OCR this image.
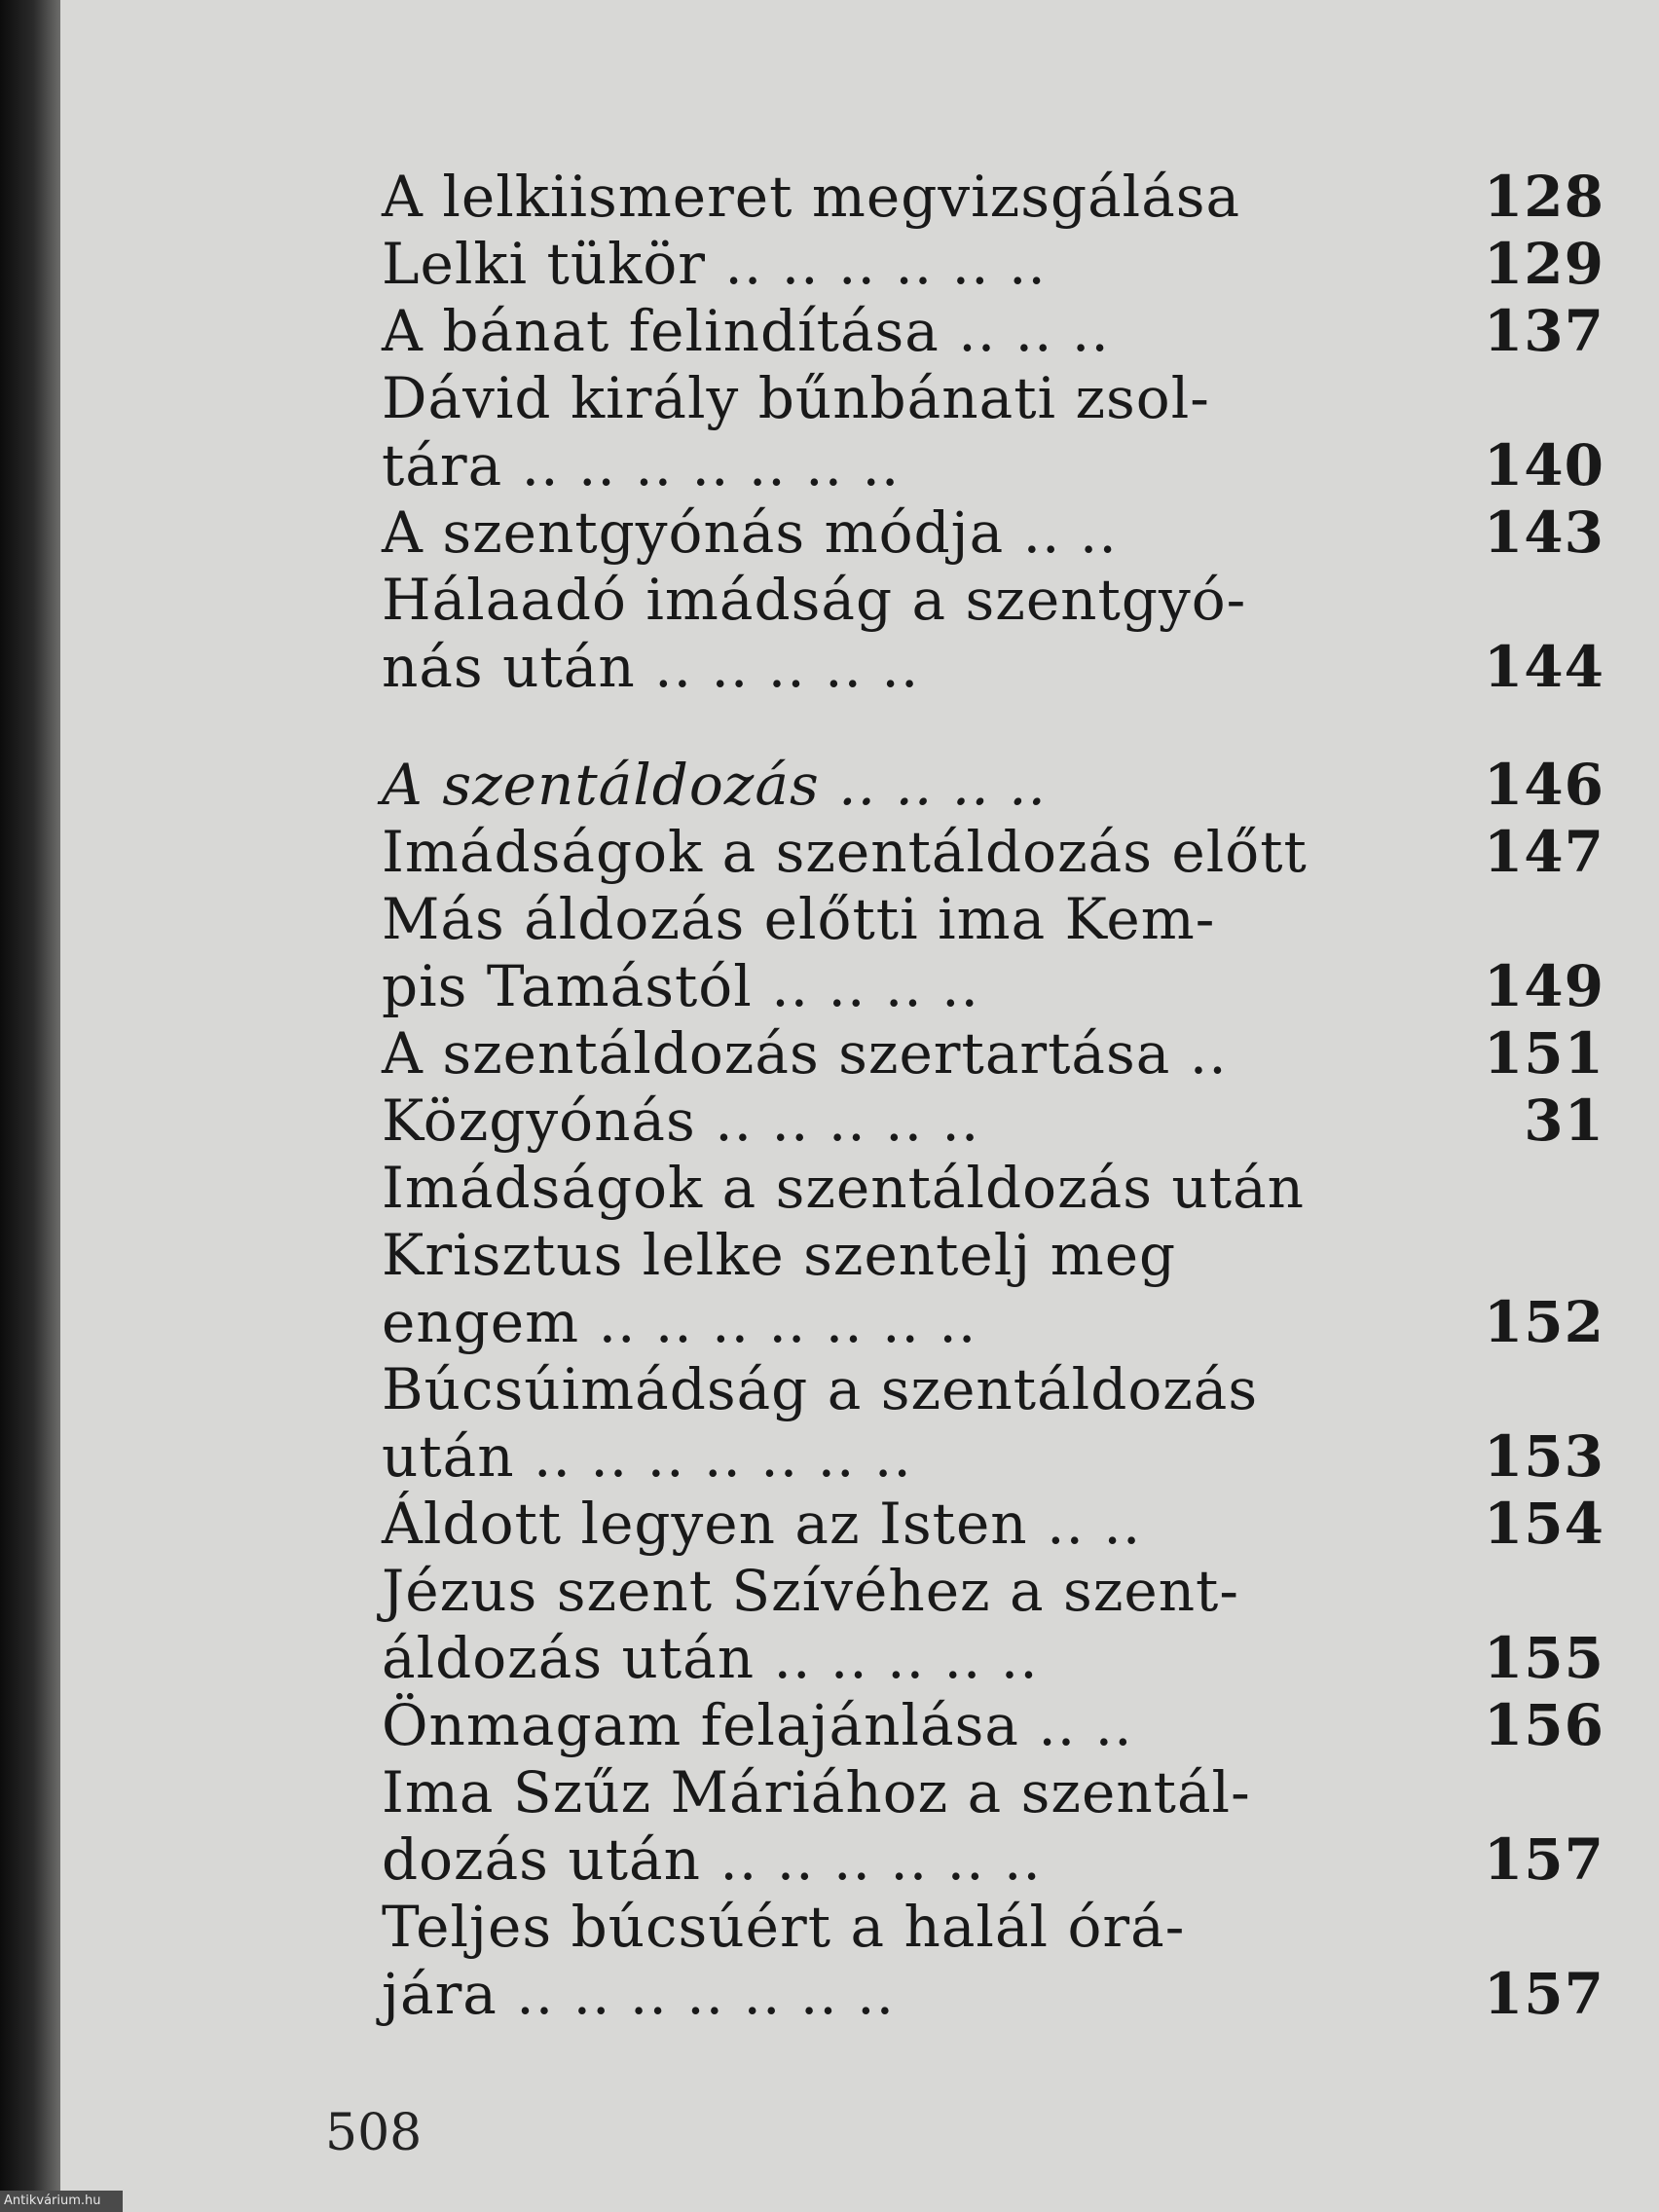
A lelkiismeret megvizsgálása	128
Lelki tükör .. .. .. .. .. ..	129
A bánat felindítása .. .. ..	137
Dávid király bűnbánati zsol-
tára .. .. .. .. .. .. ..	140
A szentgyónás módja .. ..	143
Hálaadó imádság a szentgyó-
nás után .. .. .. .. ..	144
A szentáldozás .. .. .. ..	146
Imádságok a szentáldozás előtt	147
Más áldozás előtti ima Kem-
pis Tamástól .. .. .. ..	149
A szentáldozás szertartása ..	151
Közgyónás .. .. .. .. ..	31
Imádságok a szentáldozás után
Krisztus lelke szentelj meg
engem .. .. .. .. .. .. ..	152
Búcsúimádság a szentáldozás
után .. .. .. .. .. .. ..	153
Áldott legyen az Isten .. ..	154
Jézus szent Szívéhez a szent-
áldozás után .. .. .. .. ..	155
Önmagam felajánlása .. ..	156
Ima Szűz Máriához a szentál-
dozás után .. .. .. .. .. ..	157
Teljes búcsúért a halál órá-
jára .. .. .. .. .. .. ..	157
508
Antikvárium.hu
